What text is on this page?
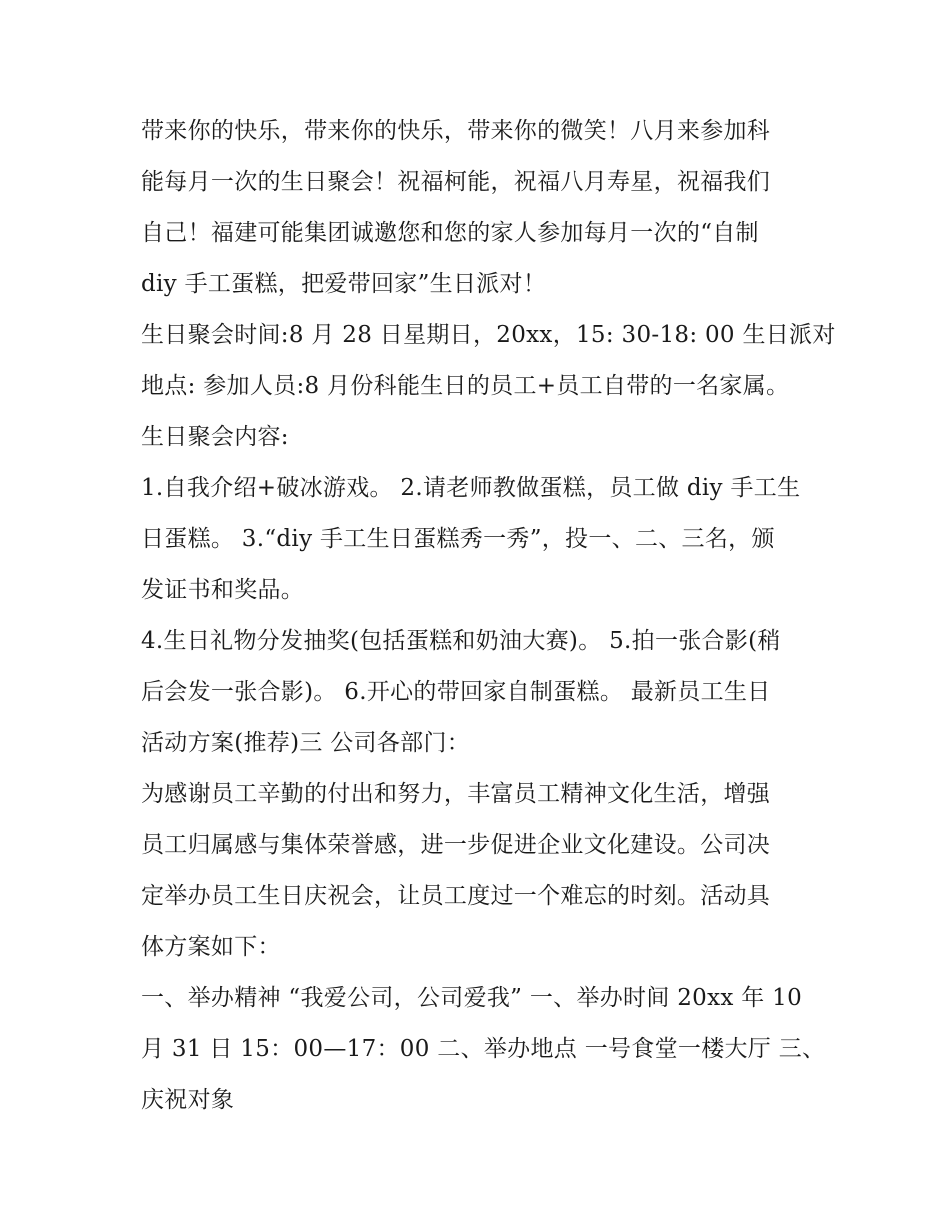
带来你的快乐，带来你的快乐，带来你的微笑！八月来参加科
能每月一次的生日聚会！祝福柯能，祝福八月寿星，祝福我们
自己！福建可能集团诚邀您和您的家人参加每月一次的“自制
diy 手工蛋糕，把爱带回家”生日派对！
生日聚会时间:8 月 28 日星期日，20xx，15: 30-18: 00 生日派对
地点: 参加人员:8 月份科能生日的员工+员工自带的一名家属。
生日聚会内容:
1.自我介绍+破冰游戏。 2.请老师教做蛋糕，员工做 diy 手工生
日蛋糕。 3.“diy 手工生日蛋糕秀一秀”，投一、二、三名，颁
发证书和奖品。
4.生日礼物分发抽奖(包括蛋糕和奶油大赛)。 5.拍一张合影(稍
后会发一张合影)。 6.开心的带回家自制蛋糕。 最新员工生日
活动方案(推荐)三 公司各部门：
为感谢员工辛勤的付出和努力，丰富员工精神文化生活，增强
员工归属感与集体荣誉感，进一步促进企业文化建设。公司决
定举办员工生日庆祝会，让员工度过一个难忘的时刻。活动具
体方案如下：
一、举办精神 “我爱公司，公司爱我” 一、举办时间 20xx 年 10
月 31 日 15：00—17：00 二、举办地点 一号食堂一楼大厅 三、
庆祝对象
